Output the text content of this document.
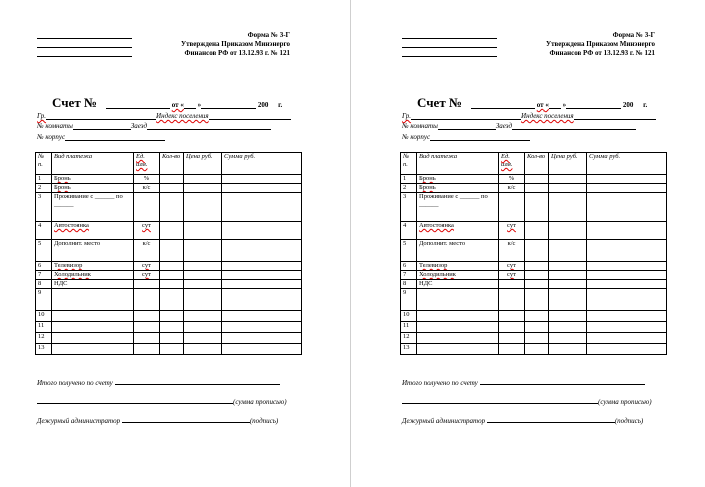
Форма № 3-Г
Утверждена Приказом Минэнерго
Финансов РФ от 13.12.93 г. № 121
Счет №	от « »	200 г.
Гр.	Индекс поселения
№ комнаты	Заезд
№ корпус
№ п.	Вид платежа	Ед. изм.	Кол-во	Цена руб.	Сумма руб.
1	Бронь	%			
2	Бронь	к/с			
3	Проживание с ______ по ______				
4	Автостоянка	сут			
5	Дополнит. место	к/с			
6	Телевизор	сут			
7	Холодильник	сут			
8	НДС				
9					
10					
11					
12					
13					
Итого получено по счету
(сумма прописью)
Дежурный администратор	(подпись)
Форма № 3-Г
Утверждена Приказом Минэнерго
Финансов РФ от 13.12.93 г. № 121
Счет №	от « »	200 г.
Гр.	Индекс поселения
№ комнаты	Заезд
№ корпус
№ п.	Вид платежа	Ед. изм.	Кол-во	Цена руб.	Сумма руб.
1	Бронь	%			
2	Бронь	к/с			
3	Проживание с ______ по ______				
4	Автостоянка	сут			
5	Дополнит. место	к/с			
6	Телевизор	сут			
7	Холодильник	сут			
8	НДС				
9					
10					
11					
12					
13					
Итого получено по счету
(сумма прописью)
Дежурный администратор	(подпись)
